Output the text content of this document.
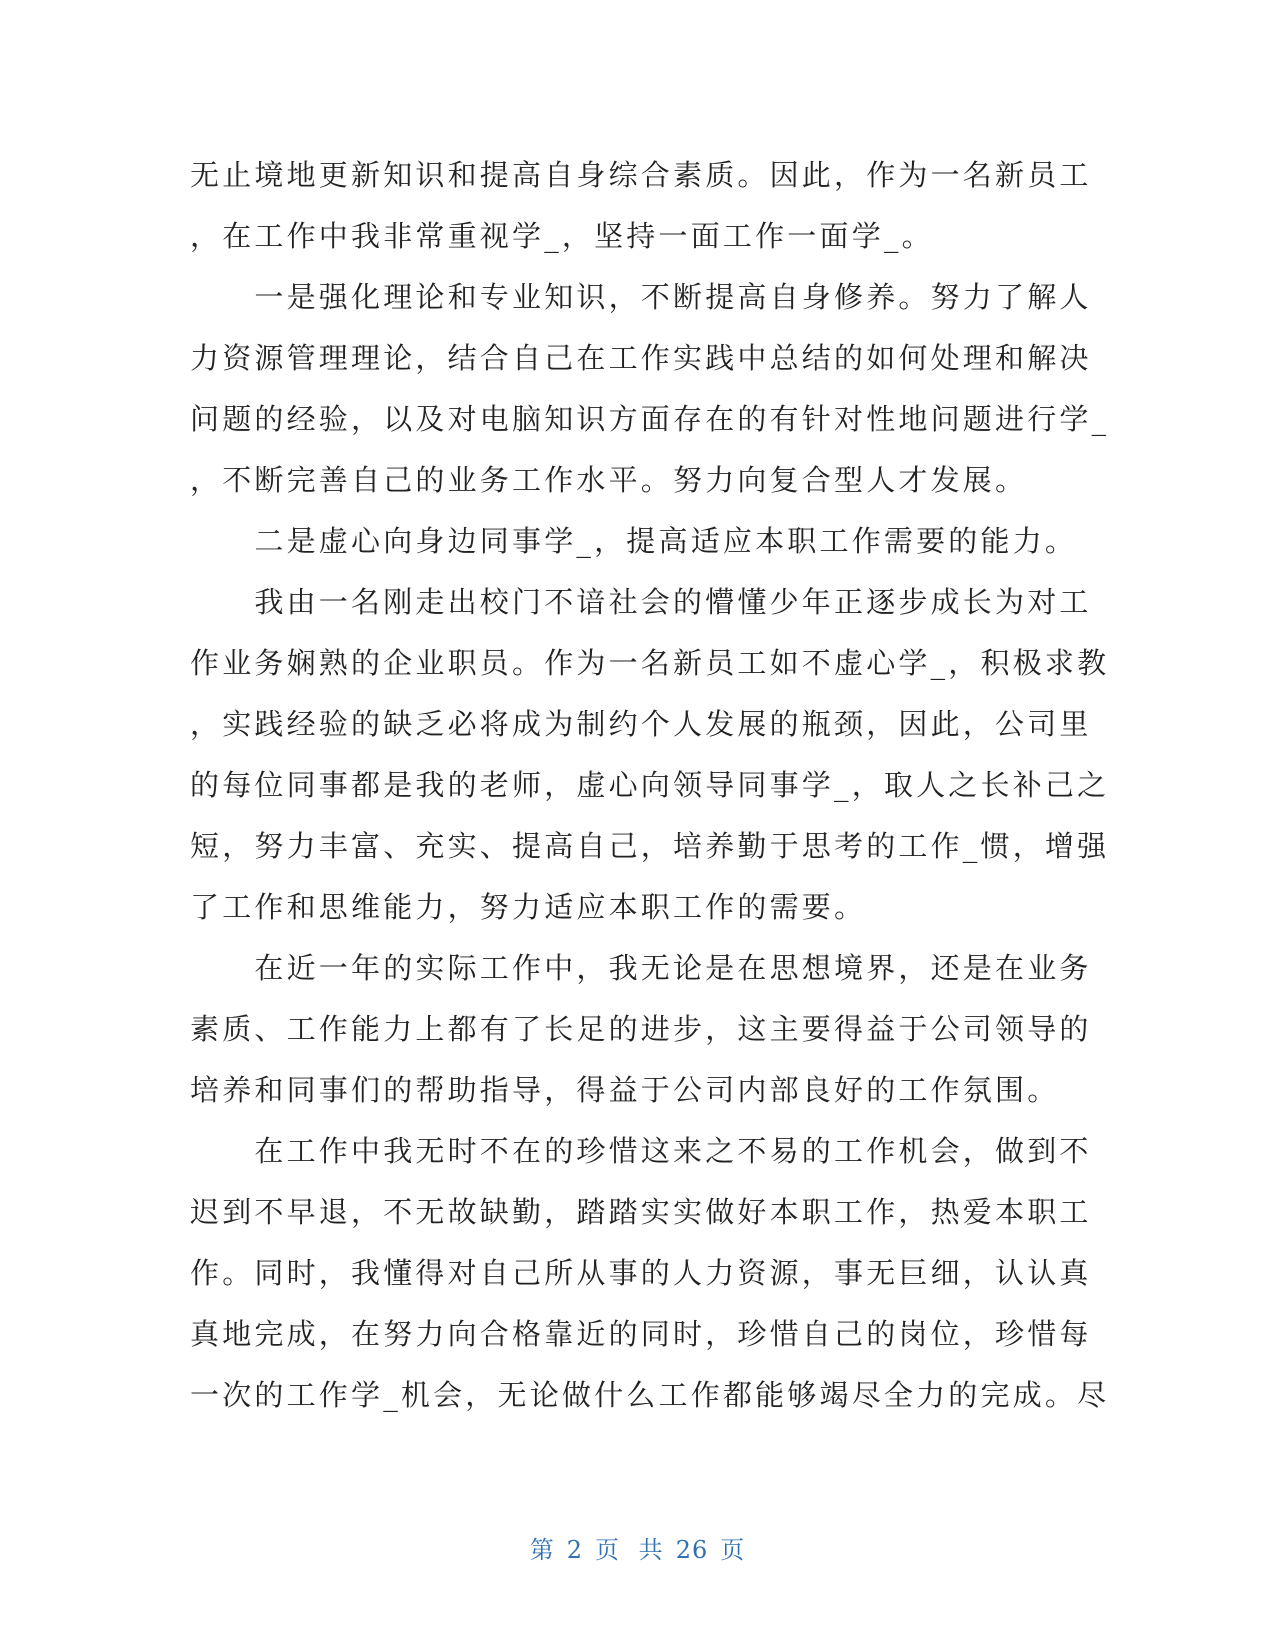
无止境地更新知识和提高自身综合素质。因此，作为一名新员工
，在工作中我非常重视学_，坚持一面工作一面学_。
　　一是强化理论和专业知识，不断提高自身修养。努力了解人
力资源管理理论，结合自己在工作实践中总结的如何处理和解决
问题的经验，以及对电脑知识方面存在的有针对性地问题进行学_
，不断完善自己的业务工作水平。努力向复合型人才发展。
　　二是虚心向身边同事学_，提高适应本职工作需要的能力。
　　我由一名刚走出校门不谙社会的懵懂少年正逐步成长为对工
作业务娴熟的企业职员。作为一名新员工如不虚心学_，积极求教
，实践经验的缺乏必将成为制约个人发展的瓶颈，因此，公司里
的每位同事都是我的老师，虚心向领导同事学_，取人之长补己之
短，努力丰富、充实、提高自己，培养勤于思考的工作_惯，增强
了工作和思维能力，努力适应本职工作的需要。
　　在近一年的实际工作中，我无论是在思想境界，还是在业务
素质、工作能力上都有了长足的进步，这主要得益于公司领导的
培养和同事们的帮助指导，得益于公司内部良好的工作氛围。
　　在工作中我无时不在的珍惜这来之不易的工作机会，做到不
迟到不早退，不无故缺勤，踏踏实实做好本职工作，热爱本职工
作。同时，我懂得对自己所从事的人力资源，事无巨细，认认真
真地完成，在努力向合格靠近的同时，珍惜自己的岗位，珍惜每
一次的工作学_机会，无论做什么工作都能够竭尽全力的完成。尽
第 2 页 共 26 页
